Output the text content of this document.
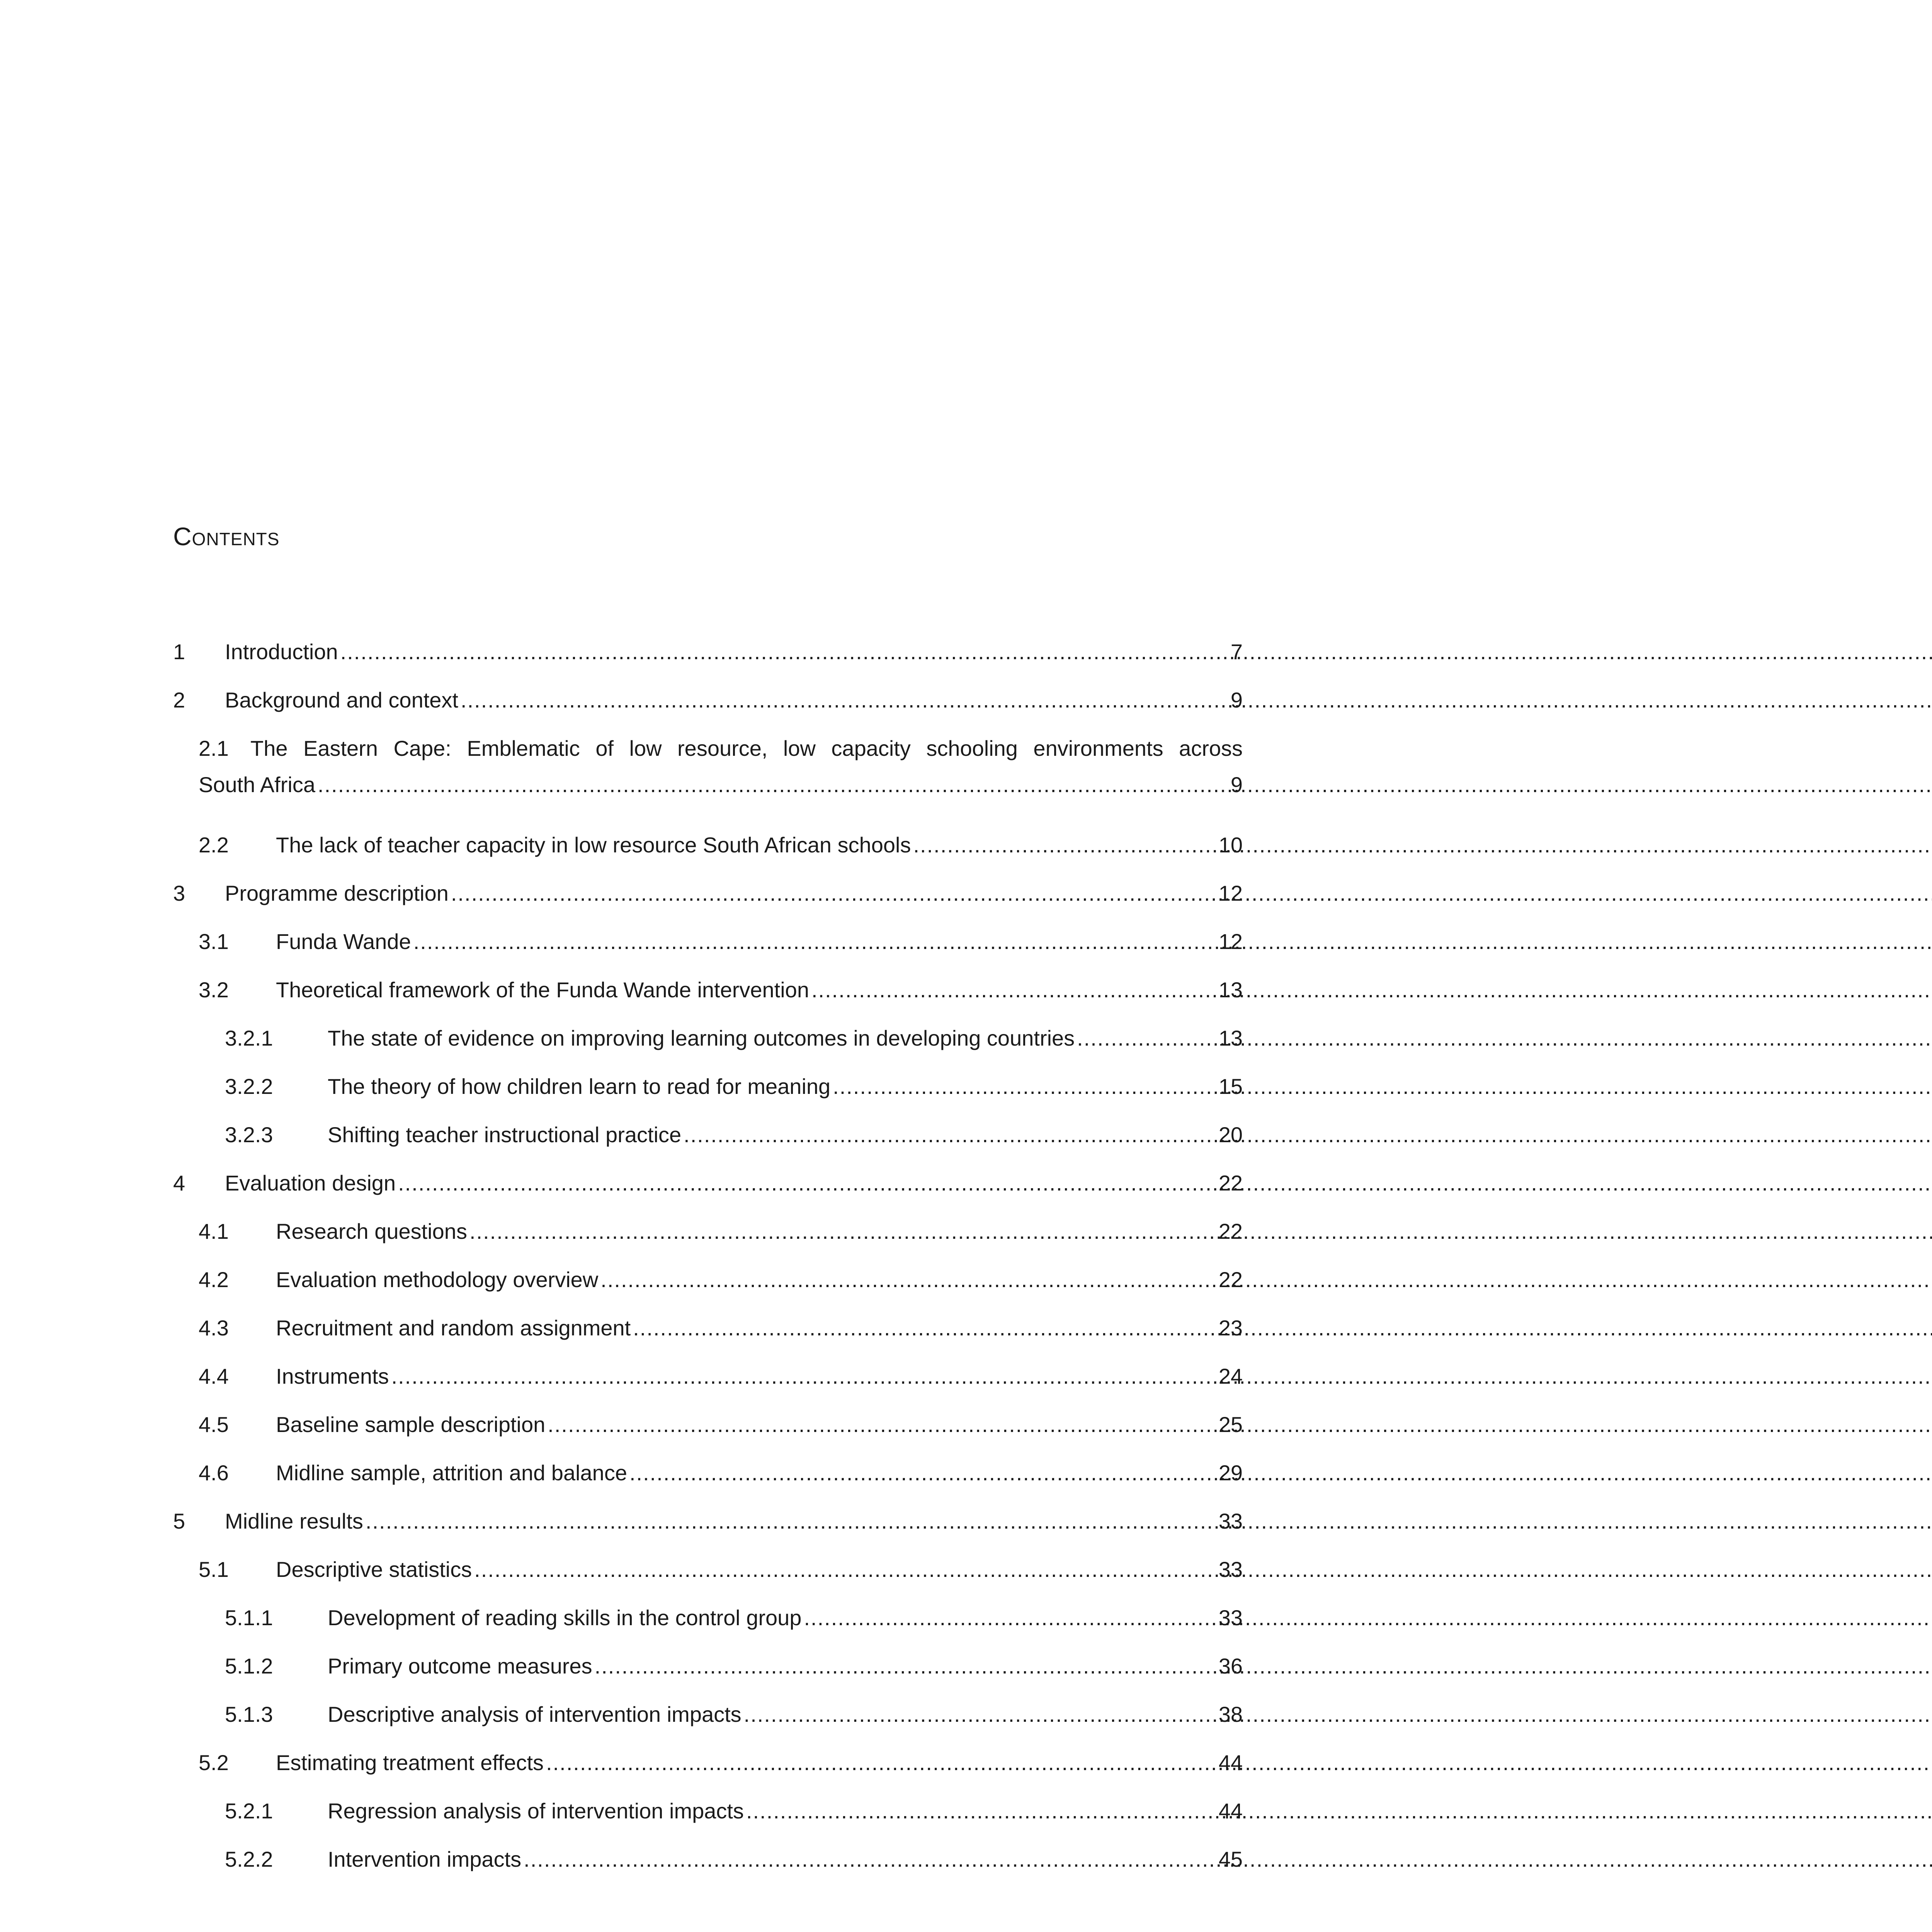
Contents
1	Introduction .....	7
2	Background and context .....	9
2.1	The Eastern Cape: Emblematic of low resource, low capacity schooling environments across
South Africa .....	9
2.2	The lack of teacher capacity in low resource South African schools .....	10
3	Programme description .....	12
3.1	Funda Wande .....	12
3.2	Theoretical framework of the Funda Wande intervention .....	13
3.2.1	The state of evidence on improving learning outcomes in developing countries .....	13
3.2.2	The theory of how children learn to read for meaning .....	15
3.2.3	Shifting teacher instructional practice .....	20
4	Evaluation design .....	22
4.1	Research questions .....	22
4.2	Evaluation methodology overview .....	22
4.3	Recruitment and random assignment .....	23
4.4	Instruments .....	24
4.5	Baseline sample description .....	25
4.6	Midline sample, attrition and balance .....	29
5	Midline results .....	33
5.1	Descriptive statistics .....	33
5.1.1	Development of reading skills in the control group .....	33
5.1.2	Primary outcome measures .....	36
5.1.3	Descriptive analysis of intervention impacts .....	38
5.2	Estimating treatment effects .....	44
5.2.1	Regression analysis of intervention impacts .....	44
5.2.2	Intervention impacts .....	45
